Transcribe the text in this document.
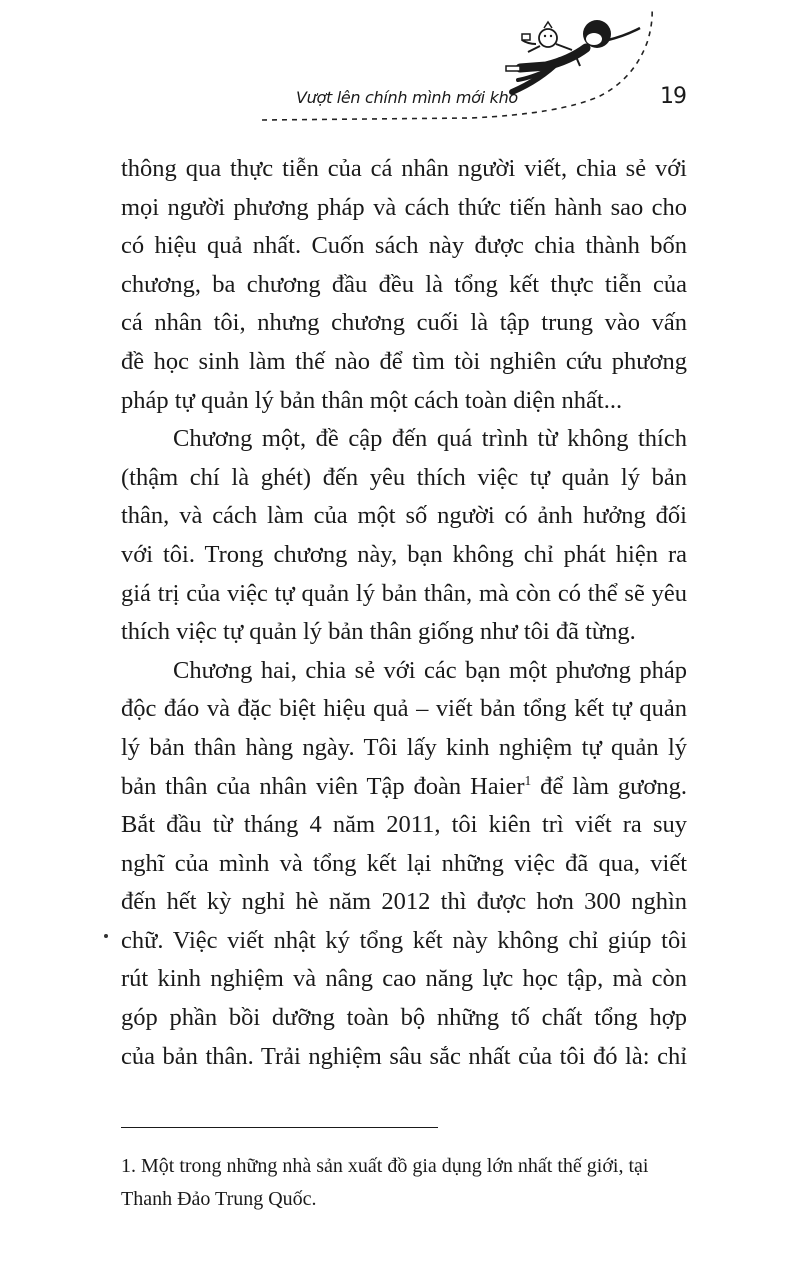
Vượt lên chính mình mới khó	19

thông qua thực tiễn của cá nhân người viết, chia sẻ với
mọi người phương pháp và cách thức tiến hành sao cho
có hiệu quả nhất. Cuốn sách này được chia thành bốn
chương, ba chương đầu đều là tổng kết thực tiễn của
cá nhân tôi, nhưng chương cuối là tập trung vào vấn
đề học sinh làm thế nào để tìm tòi nghiên cứu phương
pháp tự quản lý bản thân một cách toàn diện nhất...

Chương một, đề cập đến quá trình từ không thích
(thậm chí là ghét) đến yêu thích việc tự quản lý bản
thân, và cách làm của một số người có ảnh hưởng đối
với tôi. Trong chương này, bạn không chỉ phát hiện ra
giá trị của việc tự quản lý bản thân, mà còn có thể sẽ yêu
thích việc tự quản lý bản thân giống như tôi đã từng.

Chương hai, chia sẻ với các bạn một phương pháp
độc đáo và đặc biệt hiệu quả – viết bản tổng kết tự quản
lý bản thân hàng ngày. Tôi lấy kinh nghiệm tự quản lý
bản thân của nhân viên Tập đoàn Haier$^1$ để làm gương.
Bắt đầu từ tháng 4 năm 2011, tôi kiên trì viết ra suy
nghĩ của mình và tổng kết lại những việc đã qua, viết
đến hết kỳ nghỉ hè năm 2012 thì được hơn 300 nghìn
chữ. Việc viết nhật ký tổng kết này không chỉ giúp tôi
rút kinh nghiệm và nâng cao năng lực học tập, mà còn
góp phần bồi dưỡng toàn bộ những tố chất tổng hợp
của bản thân. Trải nghiệm sâu sắc nhất của tôi đó là: chỉ

1. Một trong những nhà sản xuất đồ gia dụng lớn nhất thế giới, tại
Thanh Đảo Trung Quốc.
